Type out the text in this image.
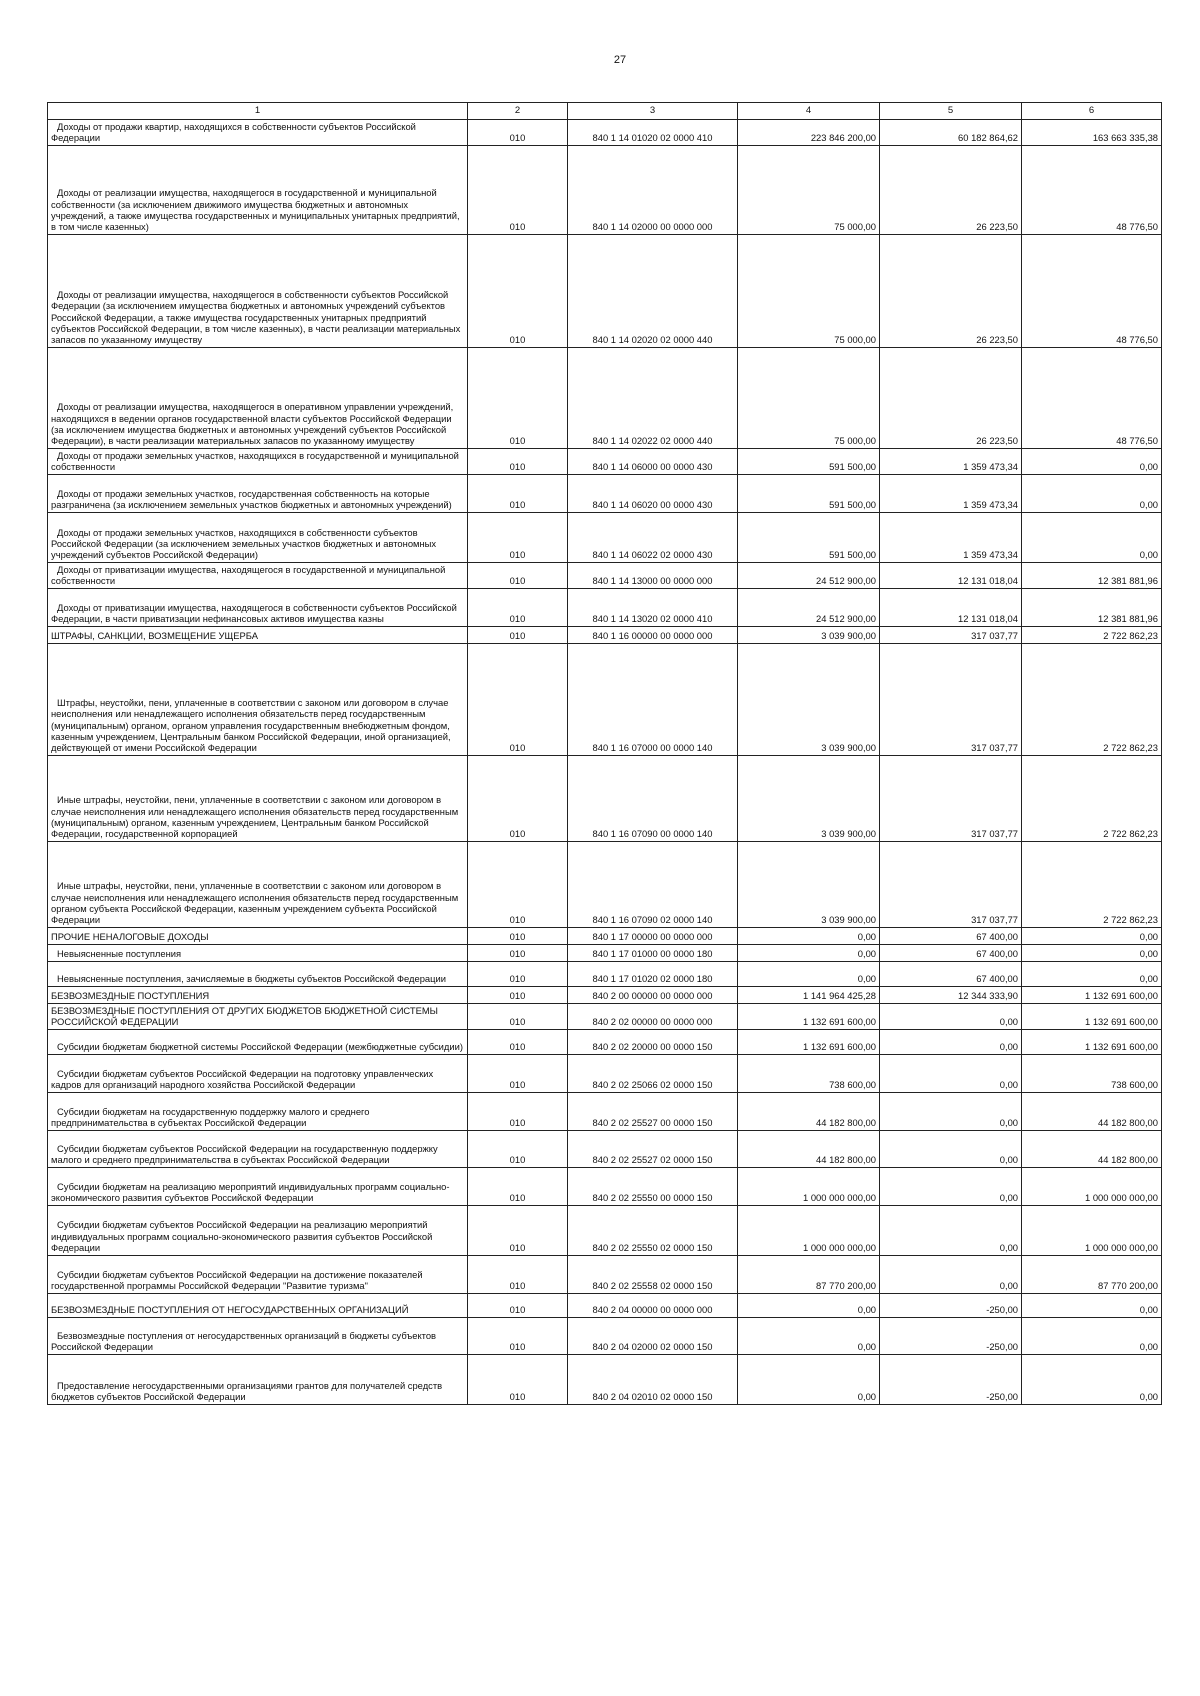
27
1	2	3	4	5	6
Доходы от продажи квартир, находящихся в собственности субъектов Российской Федерации	010	840 1 14 01020 02 0000 410	223 846 200,00	60 182 864,62	163 663 335,38
Доходы от реализации имущества, находящегося в государственной и муниципальной собственности (за исключением движимого имущества бюджетных и автономных учреждений, а также имущества государственных и муниципальных унитарных предприятий, в том числе казенных)	010	840 1 14 02000 00 0000 000	75 000,00	26 223,50	48 776,50
Доходы от реализации имущества, находящегося в собственности субъектов Российской Федерации (за исключением имущества бюджетных и автономных учреждений субъектов Российской Федерации, а также имущества государственных унитарных предприятий субъектов Российской Федерации, в том числе казенных), в части реализации материальных запасов по указанному имуществу	010	840 1 14 02020 02 0000 440	75 000,00	26 223,50	48 776,50
Доходы от реализации имущества, находящегося в оперативном управлении учреждений, находящихся в ведении органов государственной власти субъектов Российской Федерации (за исключением имущества бюджетных и автономных учреждений субъектов Российской Федерации), в части реализации материальных запасов по указанному имуществу	010	840 1 14 02022 02 0000 440	75 000,00	26 223,50	48 776,50
Доходы от продажи земельных участков, находящихся в государственной и муниципальной собственности	010	840 1 14 06000 00 0000 430	591 500,00	1 359 473,34	0,00
Доходы от продажи земельных участков, государственная собственность на которые разграничена (за исключением земельных участков бюджетных и автономных учреждений)	010	840 1 14 06020 00 0000 430	591 500,00	1 359 473,34	0,00
Доходы от продажи земельных участков, находящихся в собственности субъектов Российской Федерации (за исключением земельных участков бюджетных и автономных учреждений субъектов Российской Федерации)	010	840 1 14 06022 02 0000 430	591 500,00	1 359 473,34	0,00
Доходы от приватизации имущества, находящегося в государственной и муниципальной собственности	010	840 1 14 13000 00 0000 000	24 512 900,00	12 131 018,04	12 381 881,96
Доходы от приватизации имущества, находящегося в собственности субъектов Российской Федерации, в части приватизации нефинансовых активов имущества казны	010	840 1 14 13020 02 0000 410	24 512 900,00	12 131 018,04	12 381 881,96
ШТРАФЫ, САНКЦИИ, ВОЗМЕЩЕНИЕ УЩЕРБА	010	840 1 16 00000 00 0000 000	3 039 900,00	317 037,77	2 722 862,23
Штрафы, неустойки, пени, уплаченные в соответствии с законом или договором в случае неисполнения или ненадлежащего исполнения обязательств перед государственным (муниципальным) органом, органом управления государственным внебюджетным фондом, казенным учреждением, Центральным банком Российской Федерации, иной организацией, действующей от имени Российской Федерации	010	840 1 16 07000 00 0000 140	3 039 900,00	317 037,77	2 722 862,23
Иные штрафы, неустойки, пени, уплаченные в соответствии с законом или договором в случае неисполнения или ненадлежащего исполнения обязательств перед государственным (муниципальным) органом, казенным учреждением, Центральным банком Российской Федерации, государственной корпорацией	010	840 1 16 07090 00 0000 140	3 039 900,00	317 037,77	2 722 862,23
Иные штрафы, неустойки, пени, уплаченные в соответствии с законом или договором в случае неисполнения или ненадлежащего исполнения обязательств перед государственным органом субъекта Российской Федерации, казенным учреждением субъекта Российской Федерации	010	840 1 16 07090 02 0000 140	3 039 900,00	317 037,77	2 722 862,23
ПРОЧИЕ НЕНАЛОГОВЫЕ ДОХОДЫ	010	840 1 17 00000 00 0000 000	0,00	67 400,00	0,00
Невыясненные поступления	010	840 1 17 01000 00 0000 180	0,00	67 400,00	0,00
Невыясненные поступления, зачисляемые в бюджеты субъектов Российской Федерации	010	840 1 17 01020 02 0000 180	0,00	67 400,00	0,00
БЕЗВОЗМЕЗДНЫЕ ПОСТУПЛЕНИЯ	010	840 2 00 00000 00 0000 000	1 141 964 425,28	12 344 333,90	1 132 691 600,00
БЕЗВОЗМЕЗДНЫЕ ПОСТУПЛЕНИЯ ОТ ДРУГИХ БЮДЖЕТОВ БЮДЖЕТНОЙ СИСТЕМЫ РОССИЙСКОЙ ФЕДЕРАЦИИ	010	840 2 02 00000 00 0000 000	1 132 691 600,00	0,00	1 132 691 600,00
Субсидии бюджетам бюджетной системы Российской Федерации (межбюджетные субсидии)	010	840 2 02 20000 00 0000 150	1 132 691 600,00	0,00	1 132 691 600,00
Субсидии бюджетам субъектов Российской Федерации на подготовку управленческих кадров для организаций народного хозяйства Российской Федерации	010	840 2 02 25066 02 0000 150	738 600,00	0,00	738 600,00
Субсидии бюджетам на государственную поддержку малого и среднего предпринимательства в субъектах Российской Федерации	010	840 2 02 25527 00 0000 150	44 182 800,00	0,00	44 182 800,00
Субсидии бюджетам субъектов Российской Федерации на государственную поддержку малого и среднего предпринимательства в субъектах Российской Федерации	010	840 2 02 25527 02 0000 150	44 182 800,00	0,00	44 182 800,00
Субсидии бюджетам на реализацию мероприятий индивидуальных программ социально-экономического развития субъектов Российской Федерации	010	840 2 02 25550 00 0000 150	1 000 000 000,00	0,00	1 000 000 000,00
Субсидии бюджетам субъектов Российской Федерации на реализацию мероприятий индивидуальных программ социально-экономического развития субъектов Российской Федерации	010	840 2 02 25550 02 0000 150	1 000 000 000,00	0,00	1 000 000 000,00
Субсидии бюджетам субъектов Российской Федерации на достижение показателей государственной программы Российской Федерации "Развитие туризма"	010	840 2 02 25558 02 0000 150	87 770 200,00	0,00	87 770 200,00
БЕЗВОЗМЕЗДНЫЕ ПОСТУПЛЕНИЯ ОТ НЕГОСУДАРСТВЕННЫХ ОРГАНИЗАЦИЙ	010	840 2 04 00000 00 0000 000	0,00	-250,00	0,00
Безвозмездные поступления от негосударственных организаций в бюджеты субъектов Российской Федерации	010	840 2 04 02000 02 0000 150	0,00	-250,00	0,00
Предоставление негосударственными организациями грантов для получателей средств бюджетов субъектов Российской Федерации	010	840 2 04 02010 02 0000 150	0,00	-250,00	0,00
